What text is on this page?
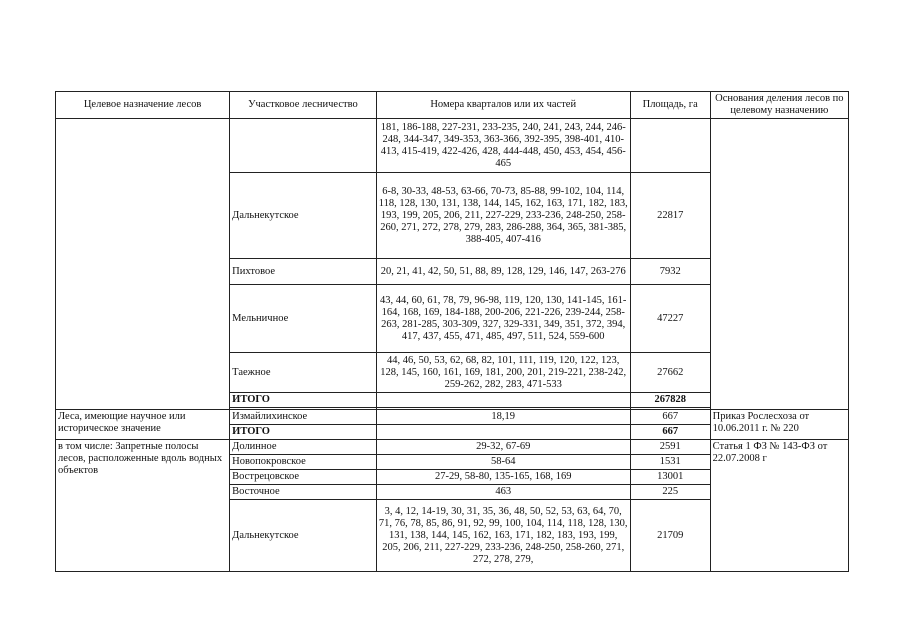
Целевое назначение лесов	Участковое лесничество	Номера кварталов или их частей	Площадь, га	Основания деления лесов по целевому назначению
		181, 186-188, 227-231, 233-235, 240, 241, 243, 244, 246-248, 344-347, 349-353, 363-366, 392-395, 398-401, 410-413, 415-419, 422-426, 428, 444-448, 450, 453, 454, 456-465		
	Дальнекутское	6-8, 30-33, 48-53, 63-66, 70-73, 85-88, 99-102, 104, 114, 118, 128, 130, 131, 138, 144, 145, 162, 163, 171, 182, 183, 193, 199, 205, 206, 211, 227-229, 233-236, 248-250, 258-260, 271, 272, 278, 279, 283, 286-288, 364, 365, 381-385, 388-405, 407-416	22817	
	Пихтовое	20, 21, 41, 42, 50, 51, 88, 89, 128, 129, 146, 147, 263-276	7932	
	Мельничное	43, 44, 60, 61, 78, 79, 96-98, 119, 120, 130, 141-145, 161-164, 168, 169, 184-188, 200-206, 221-226, 239-244, 258-263, 281-285, 303-309, 327, 329-331, 349, 351, 372, 394, 417, 437, 455, 471, 485, 497, 511, 524, 559-600	47227	
	Таежное	44, 46, 50, 53, 62, 68, 82, 101, 111, 119, 120, 122, 123, 128, 145, 160, 161, 169, 181, 200, 201, 219-221, 238-242, 259-262, 282, 283, 471-533	27662	
	ИТОГО		267828	

Леса, имеющие научное или историческое значение	Измайлихинское	18,19	667	Приказ Рослесхоза от 10.06.2011 г. № 220
	ИТОГО		667	
в том числе: Запретные полосы лесов, расположенные вдоль водных объектов	Долинное	29-32, 67-69	2591	Статья 1 ФЗ № 143-ФЗ от 22.07.2008 г
	Новопокровское	58-64	1531	
	Вострецовское	27-29, 58-80, 135-165, 168, 169	13001	
	Восточное	463	225	
	Дальнекутское	3, 4, 12, 14-19, 30, 31, 35, 36, 48, 50, 52, 53, 63, 64, 70, 71, 76, 78, 85, 86, 91, 92, 99, 100, 104, 114, 118, 128, 130, 131, 138, 144, 145, 162, 163, 171, 182, 183, 193, 199, 205, 206, 211, 227-229, 233-236, 248-250, 258-260, 271, 272, 278, 279,	21709	
